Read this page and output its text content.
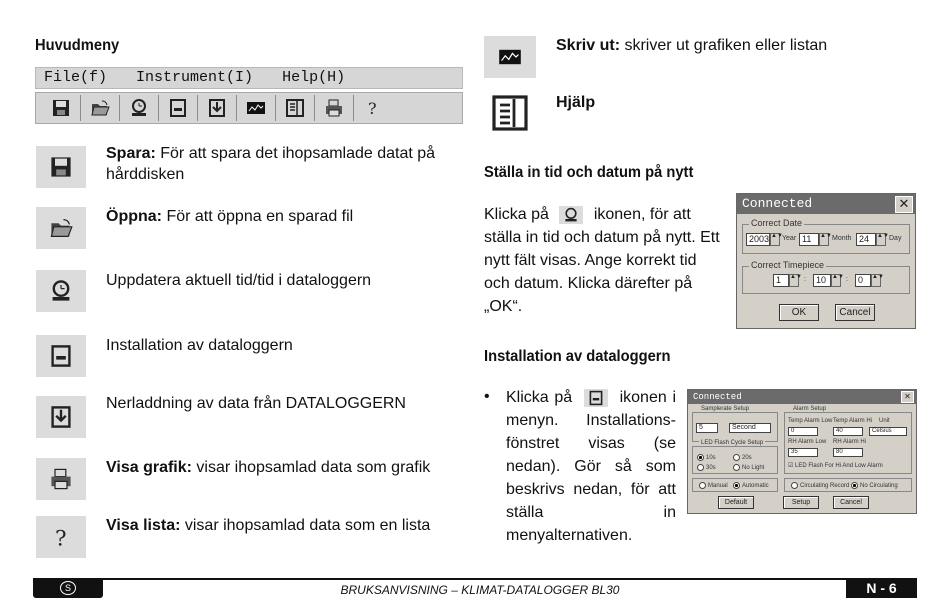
Huvudmeny
File(f) Instrument(I) Help(H)
?
Spara: För att spara det ihopsamlade datat på hårddisken
Öppna: För att öppna en sparad fil
Uppdatera aktuell tid/tid i dataloggern
Installation av dataloggern
Nerladdning av data från DATALOGGERN
Visa grafik: visar ihopsamlad data som grafik
?
Visa lista: visar ihopsamlad data som en lista
Skriv ut: skriver ut grafiken eller listan
Hjälp
Ställa in tid och datum på nytt
Klicka på	ikonen, för att ställa in tid och datum på nytt. Ett nytt fält visas. Ange korrekt tid och datum. Klicka därefter på „OK“.
Connected	✕
Correct Date
2003 ▲▼ Year 11	▲▼ Month 24	▲▼ Day
Correct Timepiece
1	▲▼ :	10 ▲▼ :	0	▲▼
OK	Cancel
Installation av dataloggern
• Klicka på	ikonen i menyn. Installations-fönstret visas (se nedan). Gör så som beskrivs nedan, för att ställa in menyalternativen.
Connected	✕
Samplerate Setup
5	Second
LED Flash Cycle Setup
10s	20s
30s	No Light
Alarm Setup
Temp Alarm Low Temp Alarm Hi Unit
0	40	Celsius
RH Alarm Low RH Alarm Hi
35	80
☑ LED Flash For Hi And Low Alarm
Manual	Automatic	Circulating Record	No Circulating
Default	Setup	Cancel
S	BRUKSANVISNING – KLIMAT-DATALOGGER BL30	N - 6
